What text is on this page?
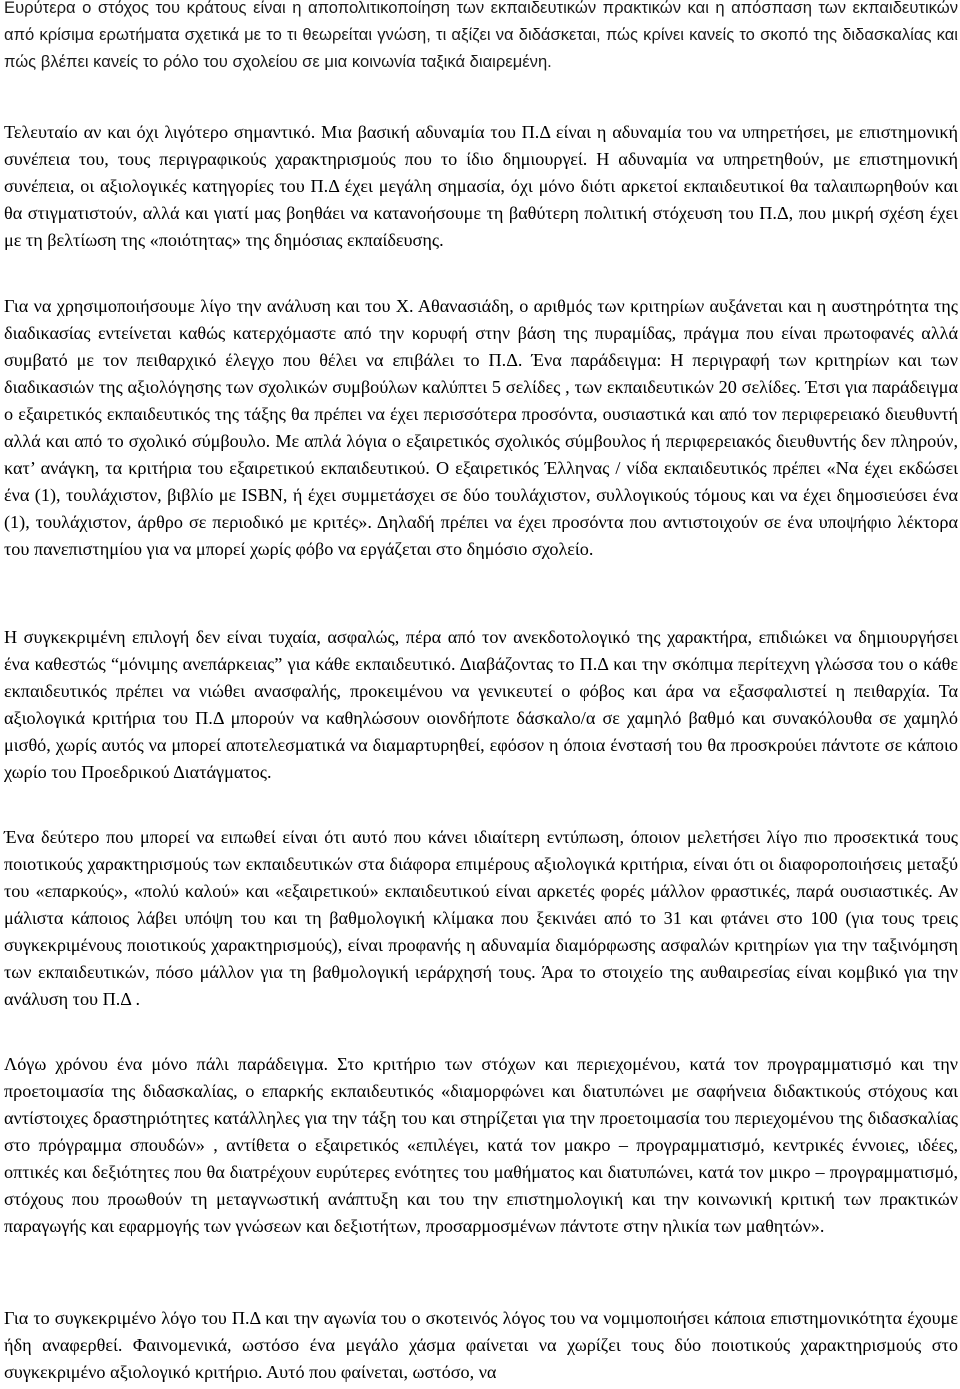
Ευρύτερα ο στόχος του κράτους είναι η αποπολιτικοποίηση των εκπαιδευτικών πρακτικών και η απόσπαση των εκπαιδευτικών από κρίσιμα ερωτήματα σχετικά με το τι θεωρείται γνώση, τι αξίζει να διδάσκεται, πώς κρίνει κανείς το σκοπό της διδασκαλίας και πώς βλέπει κανείς το ρόλο του σχολείου σε μια κοινωνία ταξικά διαιρεμένη.

Τελευταίο αν και όχι λιγότερο σημαντικό. Μια βασική αδυναμία του Π.Δ είναι η αδυναμία του να υπηρετήσει, με επιστημονική συνέπεια του, τους περιγραφικούς χαρακτηρισμούς που το ίδιο δημιουργεί. Η αδυναμία να υπηρετηθούν, με επιστημονική συνέπεια, οι αξιολογικές κατηγορίες του Π.Δ έχει μεγάλη σημασία, όχι μόνο διότι αρκετοί εκπαιδευτικοί θα ταλαιπωρηθούν και θα στιγματιστούν, αλλά και γιατί μας βοηθάει να κατανοήσουμε τη βαθύτερη πολιτική στόχευση του Π.Δ, που μικρή σχέση έχει με τη βελτίωση της «ποιότητας» της δημόσιας εκπαίδευσης.

Για να χρησιμοποιήσουμε λίγο την ανάλυση και του Χ. Αθανασιάδη, ο αριθμός των κριτηρίων αυξάνεται και η αυστηρότητα της διαδικασίας εντείνεται καθώς κατερχόμαστε από την κορυφή στην βάση της πυραμίδας, πράγμα που είναι πρωτοφανές αλλά συμβατό με τον πειθαρχικό έλεγχο που θέλει να επιβάλει το Π.Δ. Ένα παράδειγμα: Η περιγραφή των κριτηρίων και των διαδικασιών της αξιολόγησης των σχολικών συμβούλων καλύπτει 5 σελίδες , των εκπαιδευτικών 20 σελίδες. Έτσι για παράδειγμα ο εξαιρετικός εκπαιδευτικός της τάξης θα πρέπει να έχει περισσότερα προσόντα, ουσιαστικά και από τον περιφερειακό διευθυντή αλλά και από το σχολικό σύμβουλο. Με απλά λόγια ο εξαιρετικός σχολικός σύμβουλος ή περιφερειακός διευθυντής δεν πληρούν, κατ’ ανάγκη, τα κριτήρια του εξαιρετικού εκπαιδευτικού. Ο εξαιρετικός Έλληνας / νίδα εκπαιδευτικός πρέπει «Να έχει εκδώσει ένα (1), τουλάχιστον, βιβλίο με ISBN, ή έχει συμμετάσχει σε δύο τουλάχιστον, συλλογικούς τόμους και να έχει δημοσιεύσει ένα (1), τουλάχιστον, άρθρο σε περιοδικό με κριτές». Δηλαδή πρέπει να έχει προσόντα που αντιστοιχούν σε ένα υποψήφιο λέκτορα του πανεπιστημίου για να μπορεί χωρίς φόβο να εργάζεται στο δημόσιο σχολείο.

Η συγκεκριμένη επιλογή δεν είναι τυχαία, ασφαλώς, πέρα από τον ανεκδοτολογικό της χαρακτήρα, επιδιώκει να δημιουργήσει ένα καθεστώς “μόνιμης ανεπάρκειας” για κάθε εκπαιδευτικό. Διαβάζοντας το Π.Δ και την σκόπιμα περίτεχνη γλώσσα του ο κάθε εκπαιδευτικός πρέπει να νιώθει ανασφαλής, προκειμένου να γενικευτεί ο φόβος και άρα να εξασφαλιστεί η πειθαρχία. Τα αξιολογικά κριτήρια του Π.Δ μπορούν να καθηλώσουν οιονδήποτε δάσκαλο/α σε χαμηλό βαθμό και συνακόλουθα σε χαμηλό μισθό, χωρίς αυτός να μπορεί αποτελεσματικά να διαμαρτυρηθεί, εφόσον η όποια ένστασή του θα προσκρούει πάντοτε σε κάποιο χωρίο του Προεδρικού Διατάγματος.

Ένα δεύτερο που μπορεί να ειπωθεί είναι ότι αυτό που κάνει ιδιαίτερη εντύπωση, όποιον μελετήσει λίγο πιο προσεκτικά τους ποιοτικούς χαρακτηρισμούς των εκπαιδευτικών στα διάφορα επιμέρους αξιολογικά κριτήρια, είναι ότι οι διαφοροποιήσεις μεταξύ του «επαρκούς», «πολύ καλού» και «εξαιρετικού» εκπαιδευτικού είναι αρκετές φορές μάλλον φραστικές, παρά ουσιαστικές. Αν μάλιστα κάποιος λάβει υπόψη του και τη βαθμολογική κλίμακα που ξεκινάει από το 31 και φτάνει στο 100 (για τους τρεις συγκεκριμένους ποιοτικούς χαρακτηρισμούς), είναι προφανής η αδυναμία διαμόρφωσης ασφαλών κριτηρίων για την ταξινόμηση των εκπαιδευτικών, πόσο μάλλον για τη βαθμολογική ιεράρχησή τους. Άρα το στοιχείο της αυθαιρεσίας είναι κομβικό για την ανάλυση του Π.Δ .

Λόγω χρόνου ένα μόνο πάλι παράδειγμα. Στο κριτήριο των στόχων και περιεχομένου, κατά τον προγραμματισμό και την προετοιμασία της διδασκαλίας, ο επαρκής εκπαιδευτικός «διαμορφώνει και διατυπώνει με σαφήνεια διδακτικούς στόχους και αντίστοιχες δραστηριότητες κατάλληλες για την τάξη του και στηρίζεται για την προετοιμασία του περιεχομένου της διδασκαλίας στο πρόγραμμα σπουδών» , αντίθετα ο εξαιρετικός «επιλέγει, κατά τον μακρο – προγραμματισμό, κεντρικές έννοιες, ιδέες, οπτικές και δεξιότητες που θα διατρέχουν ευρύτερες ενότητες του μαθήματος και διατυπώνει, κατά τον μικρο – προγραμματισμό, στόχους που προωθούν τη μεταγνωστική ανάπτυξη και του την επιστημολογική και την κοινωνική κριτική των πρακτικών παραγωγής και εφαρμογής των γνώσεων και δεξιοτήτων, προσαρμοσμένων πάντοτε στην ηλικία των μαθητών».

Για το συγκεκριμένο λόγο του Π.Δ και την αγωνία του ο σκοτεινός λόγος του να νομιμοποιήσει κάποια επιστημονικότητα έχουμε ήδη αναφερθεί. Φαινομενικά, ωστόσο ένα μεγάλο χάσμα φαίνεται να χωρίζει τους δύο ποιοτικούς χαρακτηρισμούς στο συγκεκριμένο αξιολογικό κριτήριο. Αυτό που φαίνεται, ωστόσο, να
